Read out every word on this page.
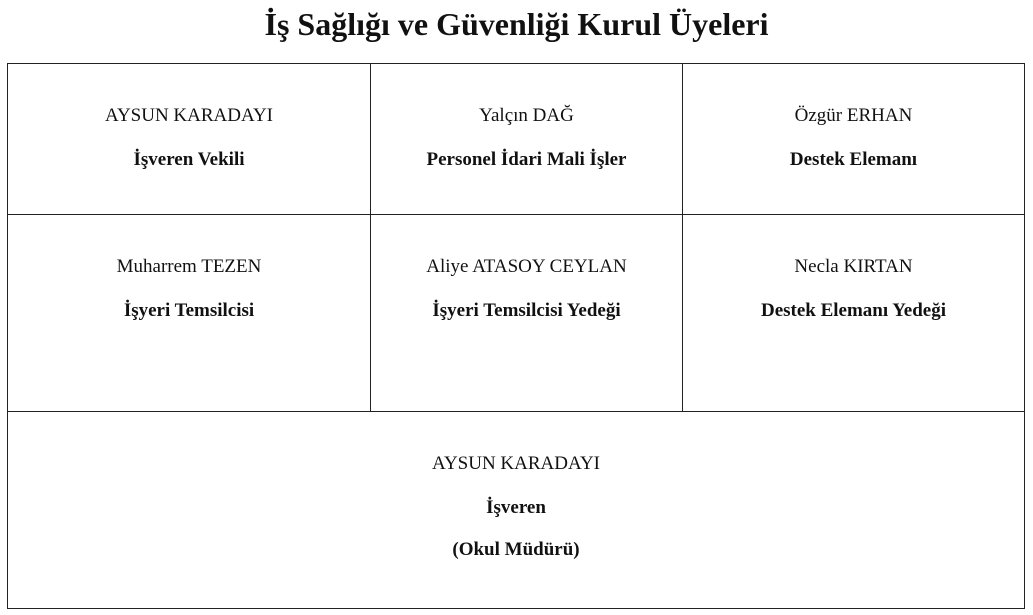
İş Sağlığı ve Güvenliği Kurul Üyeleri
AYSUN KARADAYI
İşveren Vekili
Yalçın DAĞ
Personel İdari Mali İşler
Özgür ERHAN
Destek Elemanı
Muharrem TEZEN
İşyeri Temsilcisi
Aliye ATASOY CEYLAN
İşyeri Temsilcisi Yedeği
Necla KIRTAN
Destek Elemanı Yedeği
AYSUN KARADAYI
İşveren
(Okul Müdürü)
